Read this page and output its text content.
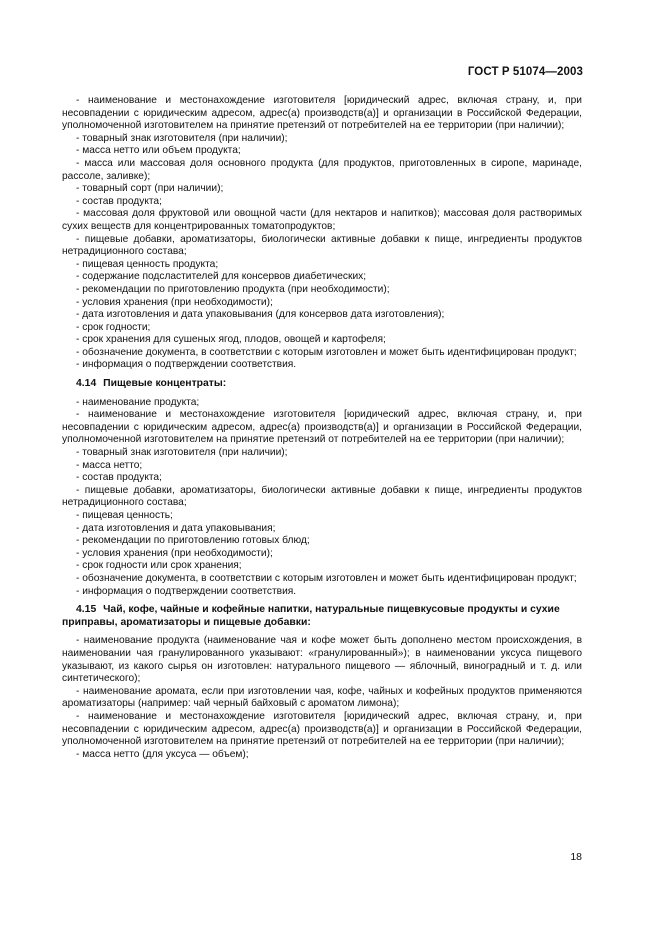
ГОСТ Р 51074—2003

- наименование и местонахождение изготовителя [юридический адрес, включая страну, и, при несовпадении с юридическим адресом, адрес(а) производств(а)] и организации в Российской Федерации, уполномоченной изготовителем на принятие претензий от потребителей на ее территории (при наличии);

- товарный знак изготовителя (при наличии);

- масса нетто или объем продукта;

- масса или массовая доля основного продукта (для продуктов, приготовленных в сиропе, маринаде, рассоле, заливке);

- товарный сорт (при наличии);

- состав продукта;

- массовая доля фруктовой или овощной части (для нектаров и напитков); массовая доля растворимых сухих веществ для концентрированных томатопродуктов;

- пищевые добавки, ароматизаторы, биологически активные добавки к пище, ингредиенты продуктов нетрадиционного состава;

- пищевая ценность продукта;

- содержание подсластителей для консервов диабетических;

- рекомендации по приготовлению продукта (при необходимости);

- условия хранения (при необходимости);

- дата изготовления и дата упаковывания (для консервов дата изготовления);

- срок годности;

- срок хранения для сушеных ягод, плодов, овощей и картофеля;

- обозначение документа, в соответствии с которым изготовлен и может быть идентифицирован продукт;

- информация о подтверждении соответствия.

4.14 Пищевые концентраты:

- наименование продукта;

- наименование и местонахождение изготовителя [юридический адрес, включая страну, и, при несовпадении с юридическим адресом, адрес(а) производств(а)] и организации в Российской Федерации, уполномоченной изготовителем на принятие претензий от потребителей на ее территории (при наличии);

- товарный знак изготовителя (при наличии);

- масса нетто;

- состав продукта;

- пищевые добавки, ароматизаторы, биологически активные добавки к пище, ингредиенты продуктов нетрадиционного состава;

- пищевая ценность;

- дата изготовления и дата упаковывания;

- рекомендации по приготовлению готовых блюд;

- условия хранения (при необходимости);

- срок годности или срок хранения;

- обозначение документа, в соответствии с которым изготовлен и может быть идентифицирован продукт;

- информация о подтверждении соответствия.

4.15 Чай, кофе, чайные и кофейные напитки, натуральные пищевкусовые продукты и сухие приправы, ароматизаторы и пищевые добавки:

- наименование продукта (наименование чая и кофе может быть дополнено местом происхождения, в наименовании чая гранулированного указывают: «гранулированный»); в наименовании уксуса пищевого указывают, из какого сырья он изготовлен: натурального пищевого — яблочный, виноградный и т. д. или синтетического);

- наименование аромата, если при изготовлении чая, кофе, чайных и кофейных продуктов применяются ароматизаторы (например: чай черный байховый с ароматом лимона);

- наименование и местонахождение изготовителя [юридический адрес, включая страну, и, при несовпадении с юридическим адресом, адрес(а) производств(а)] и организации в Российской Федерации, уполномоченной изготовителем на принятие претензий от потребителей на ее территории (при наличии);

- масса нетто (для уксуса — объем);

18
